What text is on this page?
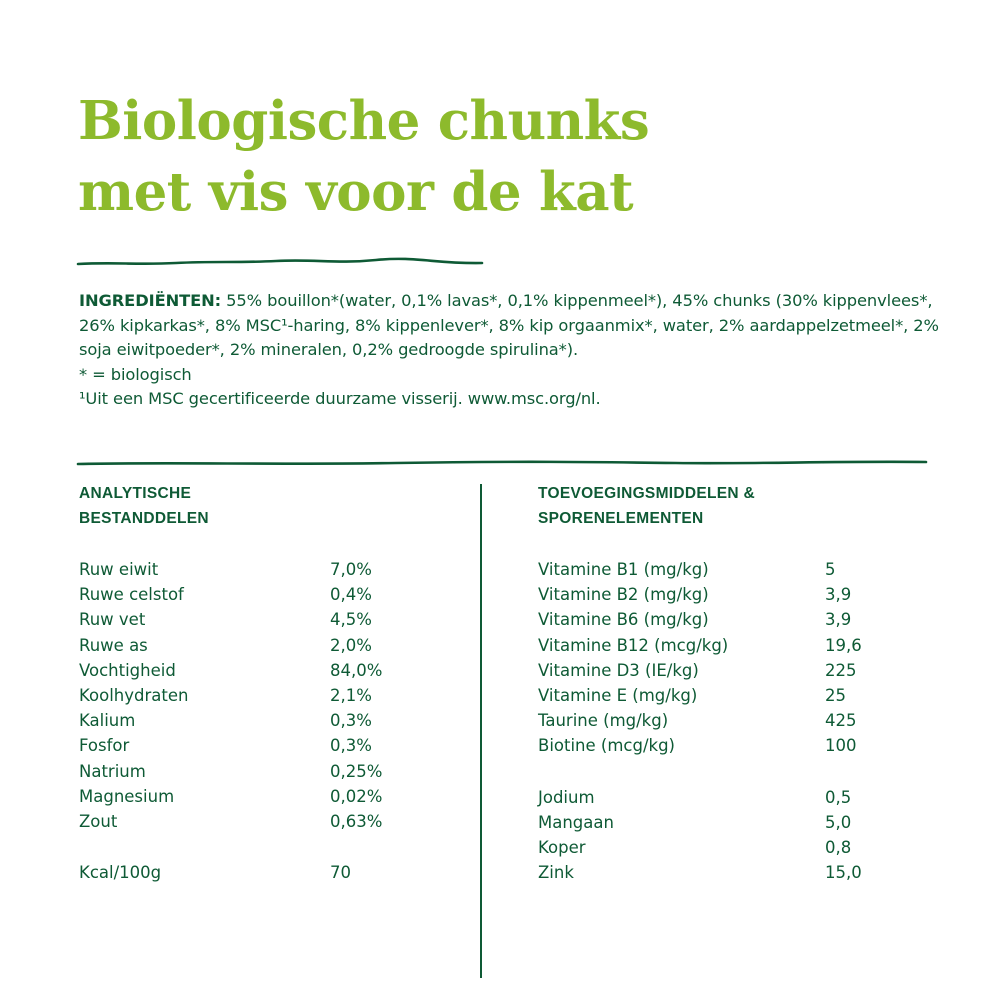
Biologische chunks
met vis voor de kat

INGREDIËNTEN: 55% bouillon*(water, 0,1% lavas*, 0,1% kippenmeel*), 45% chunks (30% kippenvlees*, 26% kipkarkas*, 8% MSC¹-haring, 8% kippenlever*, 8% kip orgaanmix*, water, 2% aardappelzetmeel*, 2% soja eiwitpoeder*, 2% mineralen, 0,2% gedroogde spirulina*).

* = biologisch

¹Uit een MSC gecertificeerde duurzame visserij. www.msc.org/nl.

ANALYTISCHE
BESTANDDELEN
TOEVOEGINGSMIDDELEN &
SPORENELEMENTEN
Ruw eiwit	7,0%
Ruwe celstof	0,4%
Ruw vet	4,5%
Ruwe as	2,0%
Vochtigheid	84,0%
Koolhydraten	2,1%
Kalium	0,3%
Fosfor	0,3%
Natrium	0,25%
Magnesium	0,02%
Zout	0,63%
Kcal/100g	70
Vitamine B1 (mg/kg)	5
Vitamine B2 (mg/kg)	3,9
Vitamine B6 (mg/kg)	3,9
Vitamine B12 (mcg/kg)	19,6
Vitamine D3 (IE/kg)	225
Vitamine E (mg/kg)	25
Taurine (mg/kg)	425
Biotine (mcg/kg)	100
Jodium	0,5
Mangaan	5,0
Koper	0,8
Zink	15,0
